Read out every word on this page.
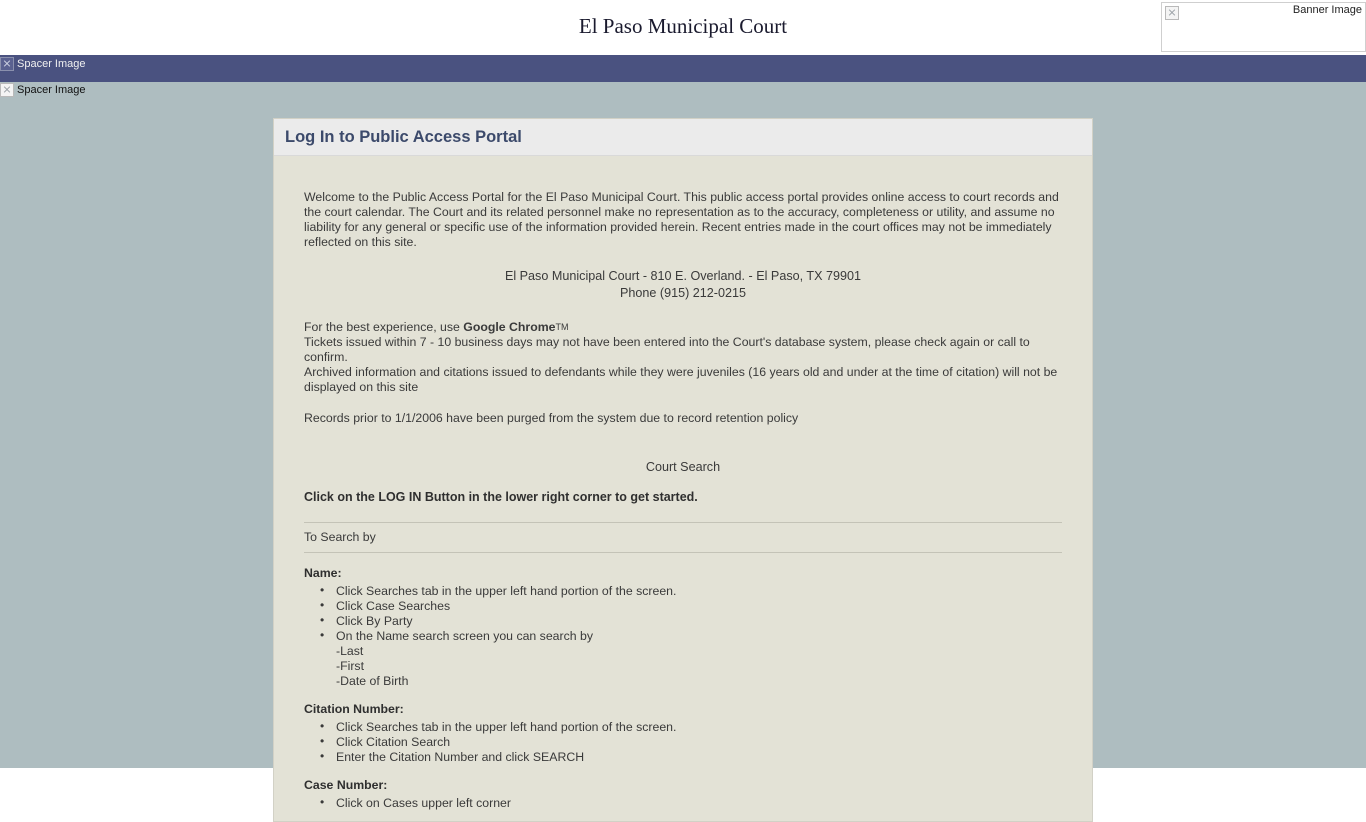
El Paso Municipal Court
Banner Image
Spacer Image
Spacer Image
Log In to Public Access Portal

Welcome to the Public Access Portal for the El Paso Municipal Court. This public access portal provides online access to court records and the court calendar. The Court and its related personnel make no representation as to the accuracy, completeness or utility, and assume no liability for any general or specific use of the information provided herein. Recent entries made in the court offices may not be immediately reflected on this site.

El Paso Municipal Court - 810 E. Overland. - El Paso, TX 79901
Phone (915) 212-0215
For the best experience, use Google ChromeTM
Tickets issued within 7 - 10 business days may not have been entered into the Court's database system, please check again or call to confirm.
Archived information and citations issued to defendants while they were juveniles (16 years old and under at the time of citation) will not be displayed on this site
Records prior to 1/1/2006 have been purged from the system due to record retention policy
Court Search
Click on the LOG IN Button in the lower right corner to get started.
To Search by
Name:
• Click Searches tab in the upper left hand portion of the screen.
• Click Case Searches
• Click By Party
• On the Name search screen you can search by
-Last
-First
-Date of Birth
Citation Number:
• Click Searches tab in the upper left hand portion of the screen.
• Click Citation Search
• Enter the Citation Number and click SEARCH
Case Number:
• Click on Cases upper left corner
